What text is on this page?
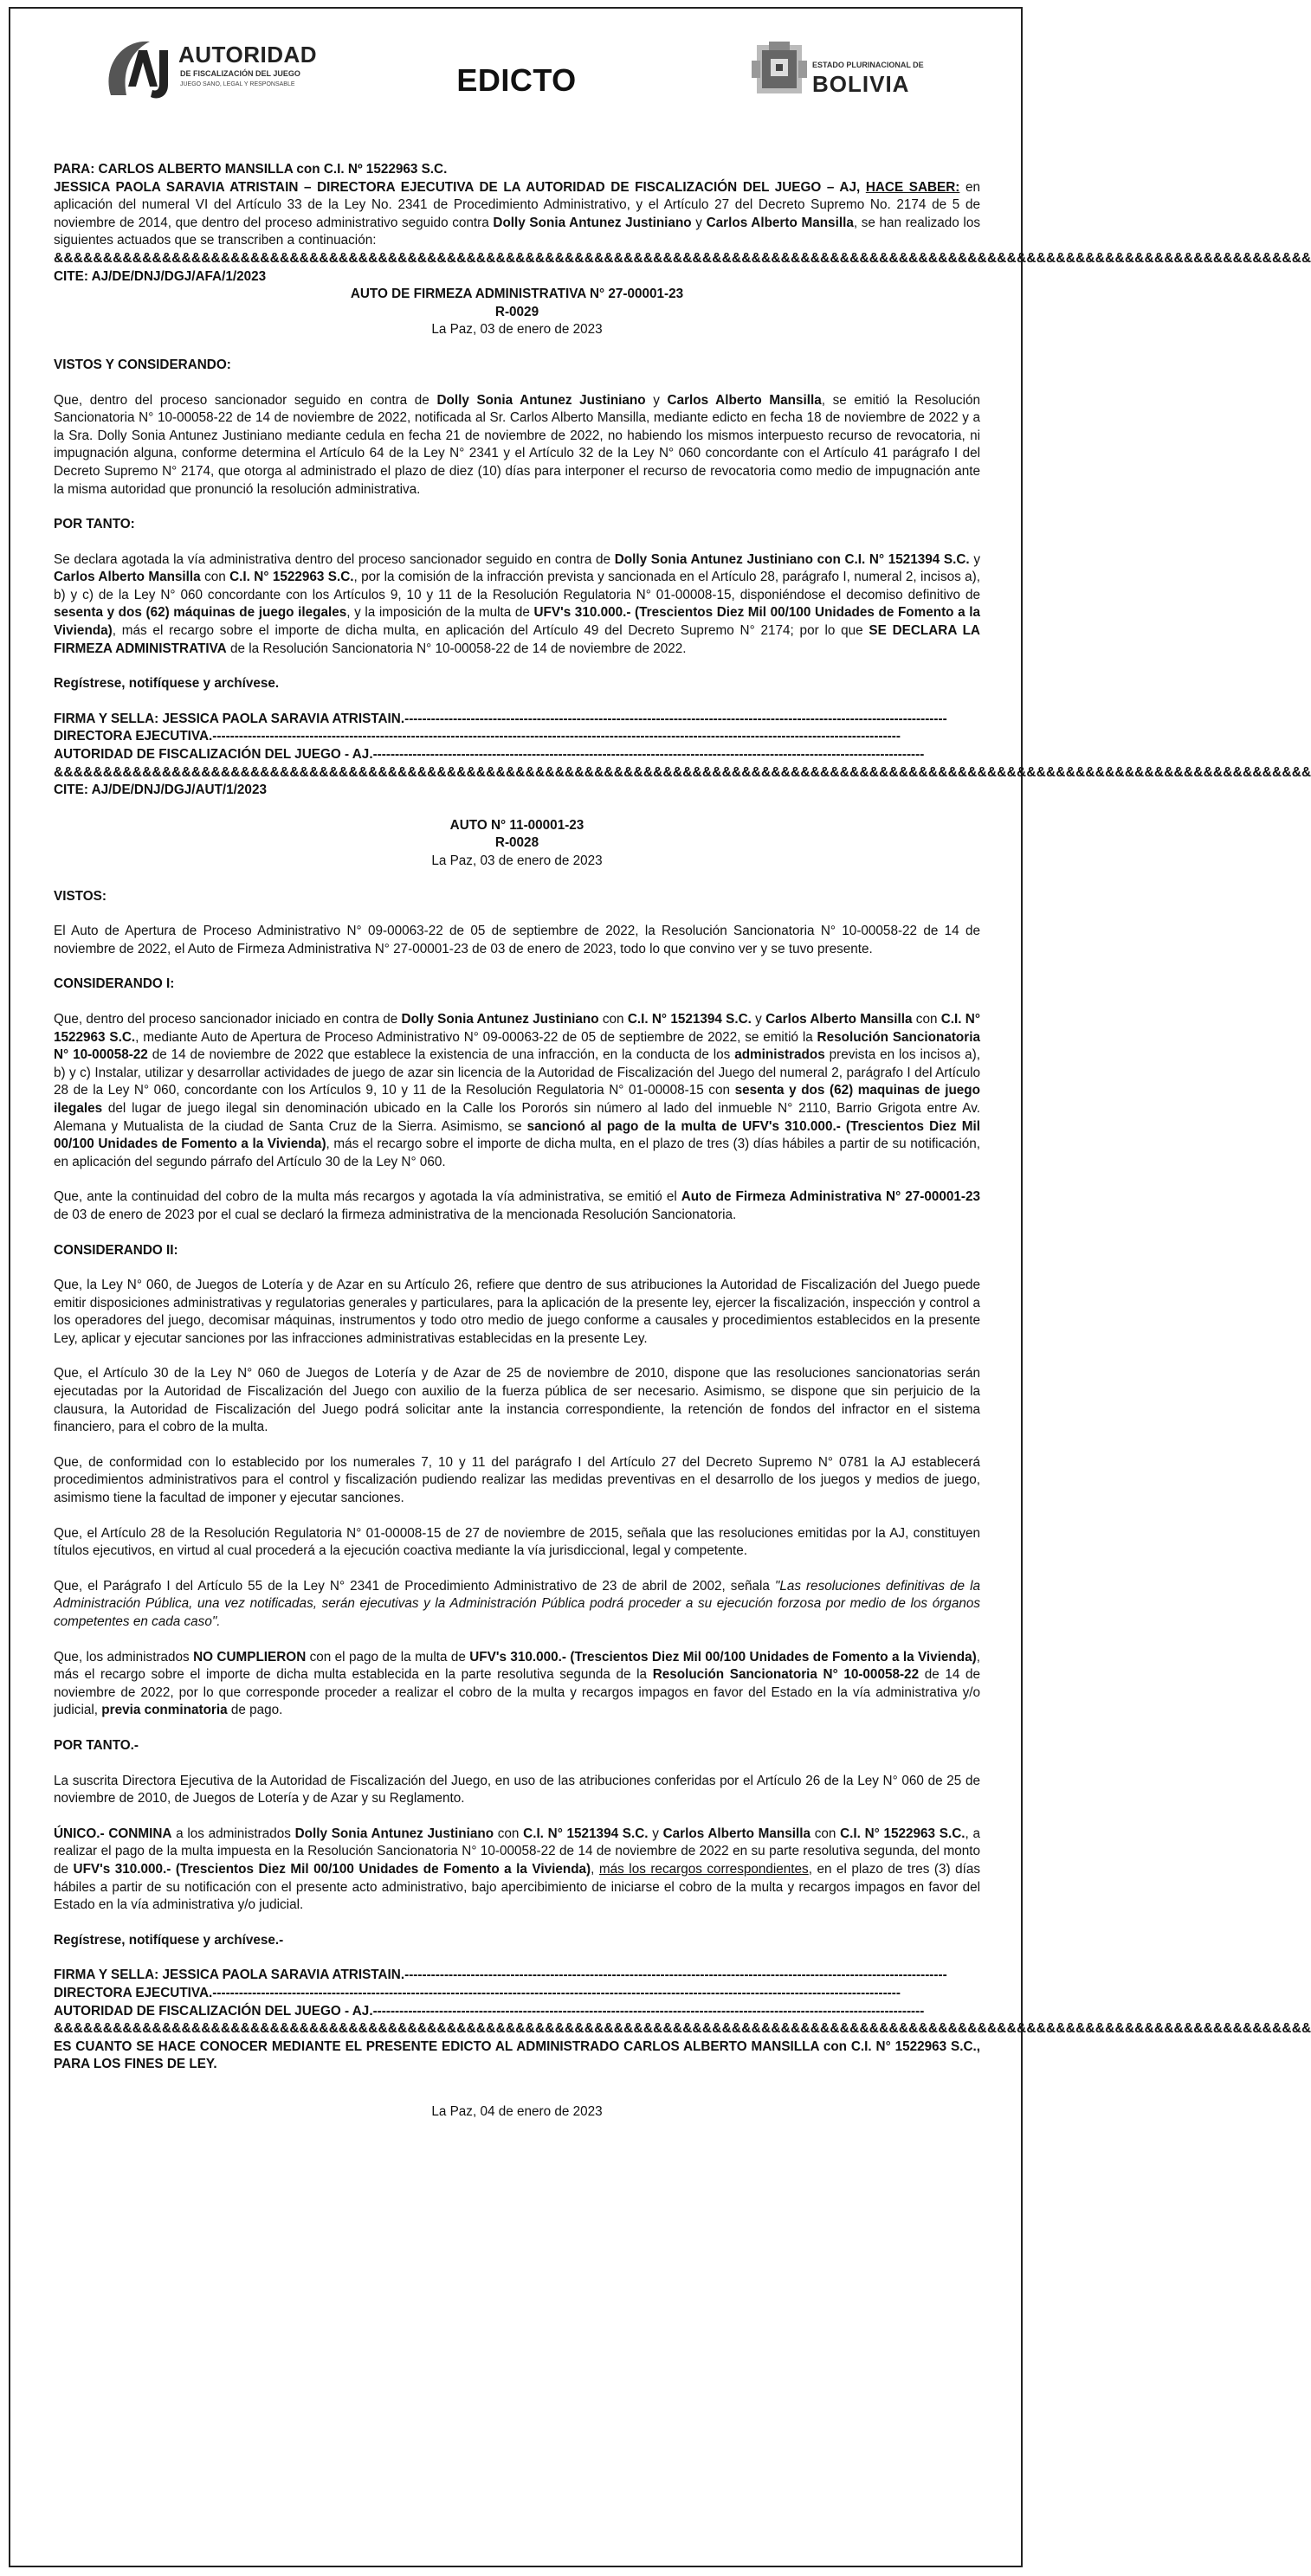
AUTORIDAD
DE FISCALIZACIÓN DEL JUEGO
JUEGO SANO, LEGAL Y RESPONSABLE	EDICTO	ESTADO PLURINACIONAL DE
BOLIVIA

PARA: CARLOS ALBERTO MANSILLA con C.I. Nº 1522963 S.C.

JESSICA PAOLA SARAVIA ATRISTAIN – DIRECTORA EJECUTIVA DE LA AUTORIDAD DE FISCALIZACIÓN DEL JUEGO – AJ, HACE SABER: en aplicación del numeral VI del Artículo 33 de la Ley No. 2341 de Procedimiento Administrativo, y el Artículo 27 del Decreto Supremo No. 2174 de 5 de noviembre de 2014, que dentro del proceso administrativo seguido contra Dolly Sonia Antunez Justiniano y Carlos Alberto Mansilla, se han realizado los siguientes actuados que se transcriben a continuación:

&&&&&&&&&&&&&&&&&&&&&&&&&&&&&&&&&&&&&&&&&&&&&&&&&&&&&&&&&&&&&&&&&&&&&&&&&&&&&&&&&&&&&&&&&&&&&&&&&&&&&&&&&&&&&&&&&&&&&&&&&&&&&&&&

CITE: AJ/DE/DNJ/DGJ/AFA/1/2023

AUTO DE FIRMEZA ADMINISTRATIVA N° 27-00001-23

R-0029

La Paz, 03 de enero de 2023

VISTOS Y CONSIDERANDO:

Que, dentro del proceso sancionador seguido en contra de Dolly Sonia Antunez Justiniano y Carlos Alberto Mansilla, se emitió la Resolución Sancionatoria N° 10-00058-22 de 14 de noviembre de 2022, notificada al Sr. Carlos Alberto Mansilla, mediante edicto en fecha 18 de noviembre de 2022 y a la Sra. Dolly Sonia Antunez Justiniano mediante cedula en fecha 21 de noviembre de 2022, no habiendo los mismos interpuesto recurso de revocatoria, ni impugnación alguna, conforme determina el Artículo 64 de la Ley N° 2341 y el Artículo 32 de la Ley N° 060 concordante con el Artículo 41 parágrafo I del Decreto Supremo N° 2174, que otorga al administrado el plazo de diez (10) días para interponer el recurso de revocatoria como medio de impugnación ante la misma autoridad que pronunció la resolución administrativa.

POR TANTO:

Se declara agotada la vía administrativa dentro del proceso sancionador seguido en contra de Dolly Sonia Antunez Justiniano con C.I. N° 1521394 S.C. y Carlos Alberto Mansilla con C.I. N° 1522963 S.C., por la comisión de la infracción prevista y sancionada en el Artículo 28, parágrafo I, numeral 2, incisos a), b) y c) de la Ley N° 060 concordante con los Artículos 9, 10 y 11 de la Resolución Regulatoria N° 01-00008-15, disponiéndose el decomiso definitivo de sesenta y dos (62) máquinas de juego ilegales, y la imposición de la multa de UFV's 310.000.- (Trescientos Diez Mil 00/100 Unidades de Fomento a la Vivienda), más el recargo sobre el importe de dicha multa, en aplicación del Artículo 49 del Decreto Supremo N° 2174; por lo que SE DECLARA LA FIRMEZA ADMINISTRATIVA de la Resolución Sancionatoria N° 10-00058-22 de 14 de noviembre de 2022.

Regístrese, notifíquese y archívese.

FIRMA Y SELLA: JESSICA PAOLA SARAVIA ATRISTAIN.---------------------------------------------------------------------------------------------------------------------------

DIRECTORA EJECUTIVA.------------------------------------------------------------------------------------------------------------------------------------------------------------

AUTORIDAD DE FISCALIZACIÓN DEL JUEGO - AJ.-----------------------------------------------------------------------------------------------------------------------------

&&&&&&&&&&&&&&&&&&&&&&&&&&&&&&&&&&&&&&&&&&&&&&&&&&&&&&&&&&&&&&&&&&&&&&&&&&&&&&&&&&&&&&&&&&&&&&&&&&&&&&&&&&&&&&&&&&&&&&&&&&&&&&&&

CITE: AJ/DE/DNJ/DGJ/AUT/1/2023

AUTO N° 11-00001-23

R-0028

La Paz, 03 de enero de 2023

VISTOS:

El Auto de Apertura de Proceso Administrativo N° 09-00063-22 de 05 de septiembre de 2022, la Resolución Sancionatoria N° 10-00058-22 de 14 de noviembre de 2022, el Auto de Firmeza Administrativa N° 27-00001-23 de 03 de enero de 2023, todo lo que convino ver y se tuvo presente.

CONSIDERANDO I:

Que, dentro del proceso sancionador iniciado en contra de Dolly Sonia Antunez Justiniano con C.I. N° 1521394 S.C. y Carlos Alberto Mansilla con C.I. N° 1522963 S.C., mediante Auto de Apertura de Proceso Administrativo N° 09-00063-22 de 05 de septiembre de 2022, se emitió la Resolución Sancionatoria N° 10-00058-22 de 14 de noviembre de 2022 que establece la existencia de una infracción, en la conducta de los administrados prevista en los incisos a), b) y c) Instalar, utilizar y desarrollar actividades de juego de azar sin licencia de la Autoridad de Fiscalización del Juego del numeral 2, parágrafo I del Artículo 28 de la Ley N° 060, concordante con los Artículos 9, 10 y 11 de la Resolución Regulatoria N° 01-00008-15 con sesenta y dos (62) maquinas de juego ilegales del lugar de juego ilegal sin denominación ubicado en la Calle los Pororós sin número al lado del inmueble N° 2110, Barrio Grigota entre Av. Alemana y Mutualista de la ciudad de Santa Cruz de la Sierra. Asimismo, se sancionó al pago de la multa de UFV's 310.000.- (Trescientos Diez Mil 00/100 Unidades de Fomento a la Vivienda), más el recargo sobre el importe de dicha multa, en el plazo de tres (3) días hábiles a partir de su notificación, en aplicación del segundo párrafo del Artículo 30 de la Ley N° 060.

Que, ante la continuidad del cobro de la multa más recargos y agotada la vía administrativa, se emitió el Auto de Firmeza Administrativa N° 27-00001-23 de 03 de enero de 2023 por el cual se declaró la firmeza administrativa de la mencionada Resolución Sancionatoria.

CONSIDERANDO II:

Que, la Ley N° 060, de Juegos de Lotería y de Azar en su Artículo 26, refiere que dentro de sus atribuciones la Autoridad de Fiscalización del Juego puede emitir disposiciones administrativas y regulatorias generales y particulares, para la aplicación de la presente ley, ejercer la fiscalización, inspección y control a los operadores del juego, decomisar máquinas, instrumentos y todo otro medio de juego conforme a causales y procedimientos establecidos en la presente Ley, aplicar y ejecutar sanciones por las infracciones administrativas establecidas en la presente Ley.

Que, el Artículo 30 de la Ley N° 060 de Juegos de Lotería y de Azar de 25 de noviembre de 2010, dispone que las resoluciones sancionatorias serán ejecutadas por la Autoridad de Fiscalización del Juego con auxilio de la fuerza pública de ser necesario. Asimismo, se dispone que sin perjuicio de la clausura, la Autoridad de Fiscalización del Juego podrá solicitar ante la instancia correspondiente, la retención de fondos del infractor en el sistema financiero, para el cobro de la multa.

Que, de conformidad con lo establecido por los numerales 7, 10 y 11 del parágrafo I del Artículo 27 del Decreto Supremo N° 0781 la AJ establecerá procedimientos administrativos para el control y fiscalización pudiendo realizar las medidas preventivas en el desarrollo de los juegos y medios de juego, asimismo tiene la facultad de imponer y ejecutar sanciones.

Que, el Artículo 28 de la Resolución Regulatoria N° 01-00008-15 de 27 de noviembre de 2015, señala que las resoluciones emitidas por la AJ, constituyen títulos ejecutivos, en virtud al cual procederá a la ejecución coactiva mediante la vía jurisdiccional, legal y competente.

Que, el Parágrafo I del Artículo 55 de la Ley N° 2341 de Procedimiento Administrativo de 23 de abril de 2002, señala "Las resoluciones definitivas de la Administración Pública, una vez notificadas, serán ejecutivas y la Administración Pública podrá proceder a su ejecución forzosa por medio de los órganos competentes en cada caso".

Que, los administrados NO CUMPLIERON con el pago de la multa de UFV's 310.000.- (Trescientos Diez Mil 00/100 Unidades de Fomento a la Vivienda), más el recargo sobre el importe de dicha multa establecida en la parte resolutiva segunda de la Resolución Sancionatoria N° 10-00058-22 de 14 de noviembre de 2022, por lo que corresponde proceder a realizar el cobro de la multa y recargos impagos en favor del Estado en la vía administrativa y/o judicial, previa conminatoria de pago.

POR TANTO.-

La suscrita Directora Ejecutiva de la Autoridad de Fiscalización del Juego, en uso de las atribuciones conferidas por el Artículo 26 de la Ley N° 060 de 25 de noviembre de 2010, de Juegos de Lotería y de Azar y su Reglamento.

ÚNICO.- CONMINA a los administrados Dolly Sonia Antunez Justiniano con C.I. N° 1521394 S.C. y Carlos Alberto Mansilla con C.I. N° 1522963 S.C., a realizar el pago de la multa impuesta en la Resolución Sancionatoria N° 10-00058-22 de 14 de noviembre de 2022 en su parte resolutiva segunda, del monto de UFV's 310.000.- (Trescientos Diez Mil 00/100 Unidades de Fomento a la Vivienda), más los recargos correspondientes, en el plazo de tres (3) días hábiles a partir de su notificación con el presente acto administrativo, bajo apercibimiento de iniciarse el cobro de la multa y recargos impagos en favor del Estado en la vía administrativa y/o judicial.

Regístrese, notifíquese y archívese.-

FIRMA Y SELLA: JESSICA PAOLA SARAVIA ATRISTAIN.---------------------------------------------------------------------------------------------------------------------------

DIRECTORA EJECUTIVA.------------------------------------------------------------------------------------------------------------------------------------------------------------

AUTORIDAD DE FISCALIZACIÓN DEL JUEGO - AJ.-----------------------------------------------------------------------------------------------------------------------------

&&&&&&&&&&&&&&&&&&&&&&&&&&&&&&&&&&&&&&&&&&&&&&&&&&&&&&&&&&&&&&&&&&&&&&&&&&&&&&&&&&&&&&&&&&&&&&&&&&&&&&&&&&&&&&&&&&&&&&&&&&&&&&&&

ES CUANTO SE HACE CONOCER MEDIANTE EL PRESENTE EDICTO AL ADMINISTRADO CARLOS ALBERTO MANSILLA con C.I. N° 1522963 S.C., PARA LOS FINES DE LEY.

La Paz, 04 de enero de 2023
